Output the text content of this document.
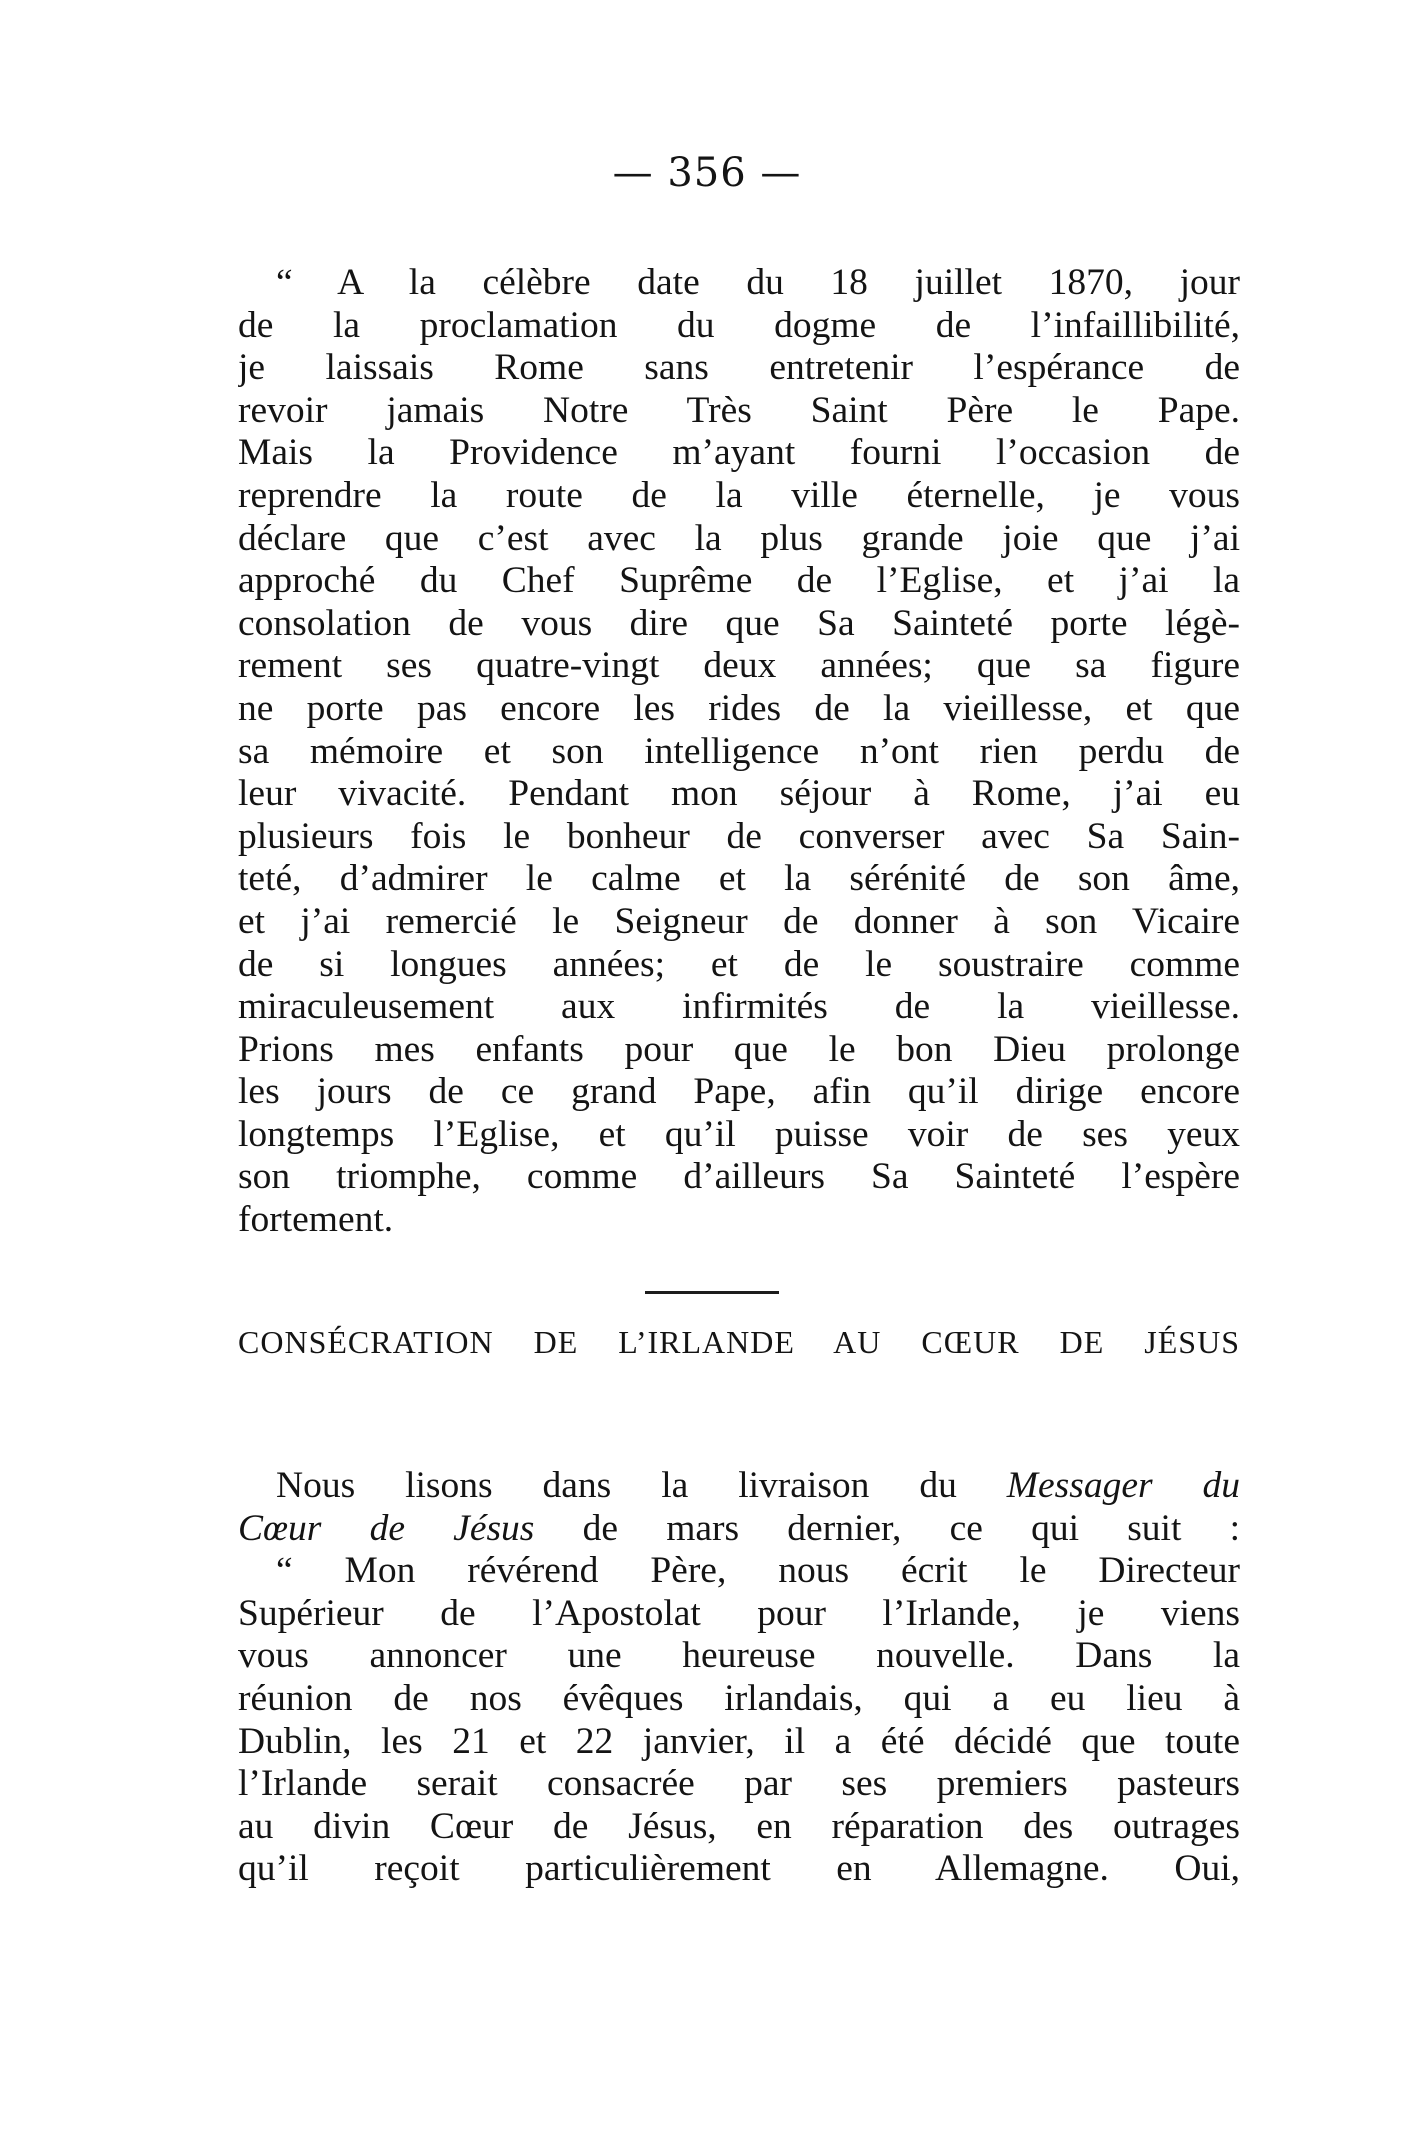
— 356 —
“ A la célèbre date du 18 juillet 1870, jour
de la proclamation du dogme de l’infaillibilité,
je laissais Rome sans entretenir l’espérance de
revoir jamais Notre Très Saint Père le Pape.
Mais la Providence m’ayant fourni l’occasion de
reprendre la route de la ville éternelle, je vous
déclare que c’est avec la plus grande joie que j’ai
approché du Chef Suprême de l’Eglise, et j’ai la
consolation de vous dire que Sa Sainteté porte légè-
rement ses quatre-vingt deux années; que sa figure
ne porte pas encore les rides de la vieillesse, et que
sa mémoire et son intelligence n’ont rien perdu de
leur vivacité. Pendant mon séjour à Rome, j’ai eu
plusieurs fois le bonheur de converser avec Sa Sain-
teté, d’admirer le calme et la sérénité de son âme,
et j’ai remercié le Seigneur de donner à son Vicaire
de si longues années; et de le soustraire comme
miraculeusement aux infirmités de la vieillesse.
Prions mes enfants pour que le bon Dieu prolonge
les jours de ce grand Pape, afin qu’il dirige encore
longtemps l’Eglise, et qu’il puisse voir de ses yeux
son triomphe, comme d’ailleurs Sa Sainteté l’espère
fortement.
CONSÉCRATION DE L’IRLANDE AU CŒUR DE JÉSUS
Nous lisons dans la livraison du Messager du
Cœur de Jésus de mars dernier, ce qui suit :
“ Mon révérend Père, nous écrit le Directeur
Supérieur de l’Apostolat pour l’Irlande, je viens
vous annoncer une heureuse nouvelle. Dans la
réunion de nos évêques irlandais, qui a eu lieu à
Dublin, les 21 et 22 janvier, il a été décidé que toute
l’Irlande serait consacrée par ses premiers pasteurs
au divin Cœur de Jésus, en réparation des outrages
qu’il reçoit particulièrement en Allemagne. Oui,
